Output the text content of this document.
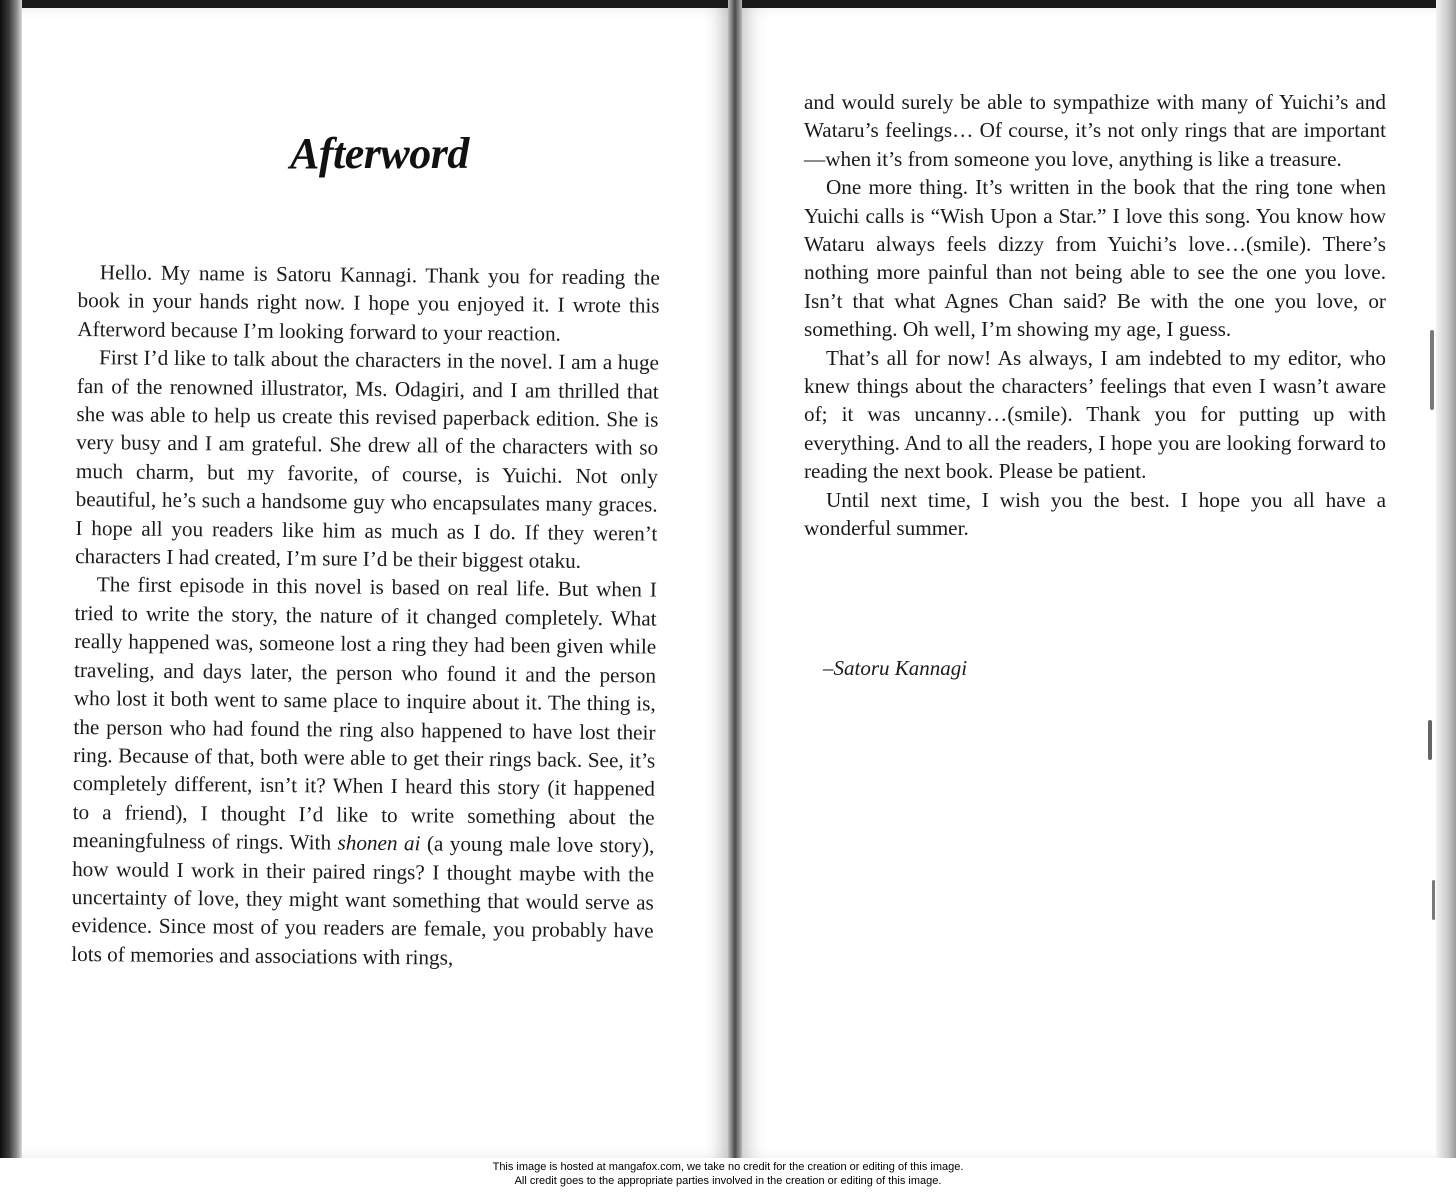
Afterword

Hello. My name is Satoru Kannagi. Thank you for reading the book in your hands right now. I hope you enjoyed it. I wrote this Afterword because I’m looking forward to your reaction.

First I’d like to talk about the characters in the novel. I am a huge fan of the renowned illustrator, Ms. Odagiri, and I am thrilled that she was able to help us create this revised paperback edition. She is very busy and I am grateful. She drew all of the characters with so much charm, but my favorite, of course, is Yuichi. Not only beautiful, he’s such a handsome guy who encapsulates many graces. I hope all you readers like him as much as I do. If they weren’t characters I had created, I’m sure I’d be their biggest otaku.

The first episode in this novel is based on real life. But when I tried to write the story, the nature of it changed completely. What really happened was, someone lost a ring they had been given while traveling, and days later, the person who found it and the person who lost it both went to same place to inquire about it. The thing is, the person who had found the ring also happened to have lost their ring. Because of that, both were able to get their rings back. See, it’s completely different, isn’t it? When I heard this story (it happened to a friend), I thought I’d like to write something about the meaningfulness of rings. With shonen ai (a young male love story), how would I work in their paired rings? I thought maybe with the uncertainty of love, they might want something that would serve as evidence. Since most of you readers are female, you probably have lots of memories and associations with rings,

and would surely be able to sympathize with many of Yuichi’s and Wataru’s feelings… Of course, it’s not only rings that are important—when it’s from someone you love, anything is like a treasure.

One more thing. It’s written in the book that the ring tone when Yuichi calls is “Wish Upon a Star.” I love this song. You know how Wataru always feels dizzy from Yuichi’s love…(smile). There’s nothing more painful than not being able to see the one you love. Isn’t that what Agnes Chan said? Be with the one you love, or something. Oh well, I’m showing my age, I guess.

That’s all for now! As always, I am indebted to my editor, who knew things about the characters’ feelings that even I wasn’t aware of; it was uncanny…(smile). Thank you for putting up with everything. And to all the readers, I hope you are looking forward to reading the next book. Please be patient.

Until next time, I wish you the best. I hope you all have a wonderful summer.

–Satoru Kannagi
This image is hosted at mangafox.com, we take no credit for the creation or editing of this image.
All credit goes to the appropriate parties involved in the creation or editing of this image.
